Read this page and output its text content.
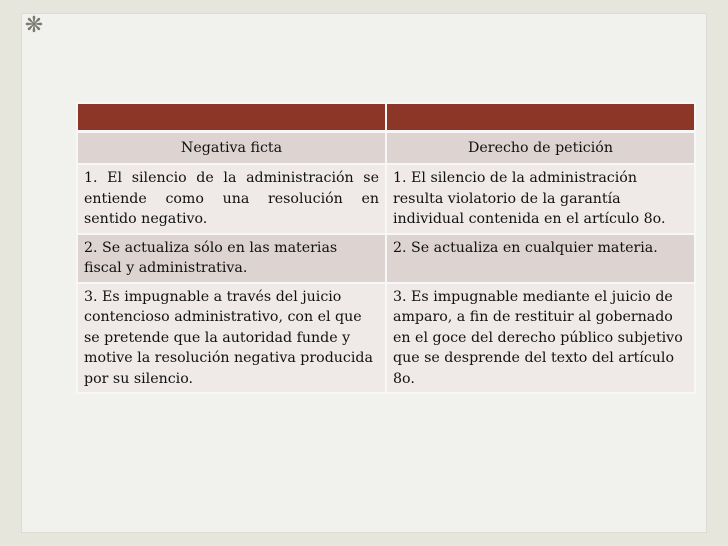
❋

Negativa ficta	Derecho de petición
1. El silencio de la administración se entiende como una resolución en sentido negativo.	1. El silencio de la administración resulta violatorio de la garantía individual contenida en el artículo 8o.
2. Se actualiza sólo en las materias fiscal y administrativa.	2. Se actualiza en cualquier materia.
3. Es impugnable a través del juicio contencioso administrativo, con el que se pretende que la autoridad funde y motive la resolución negativa producida por su silencio.	3. Es impugnable mediante el juicio de amparo, a fin de restituir al gobernado en el goce del derecho público subjetivo que se desprende del texto del artículo 8o.
